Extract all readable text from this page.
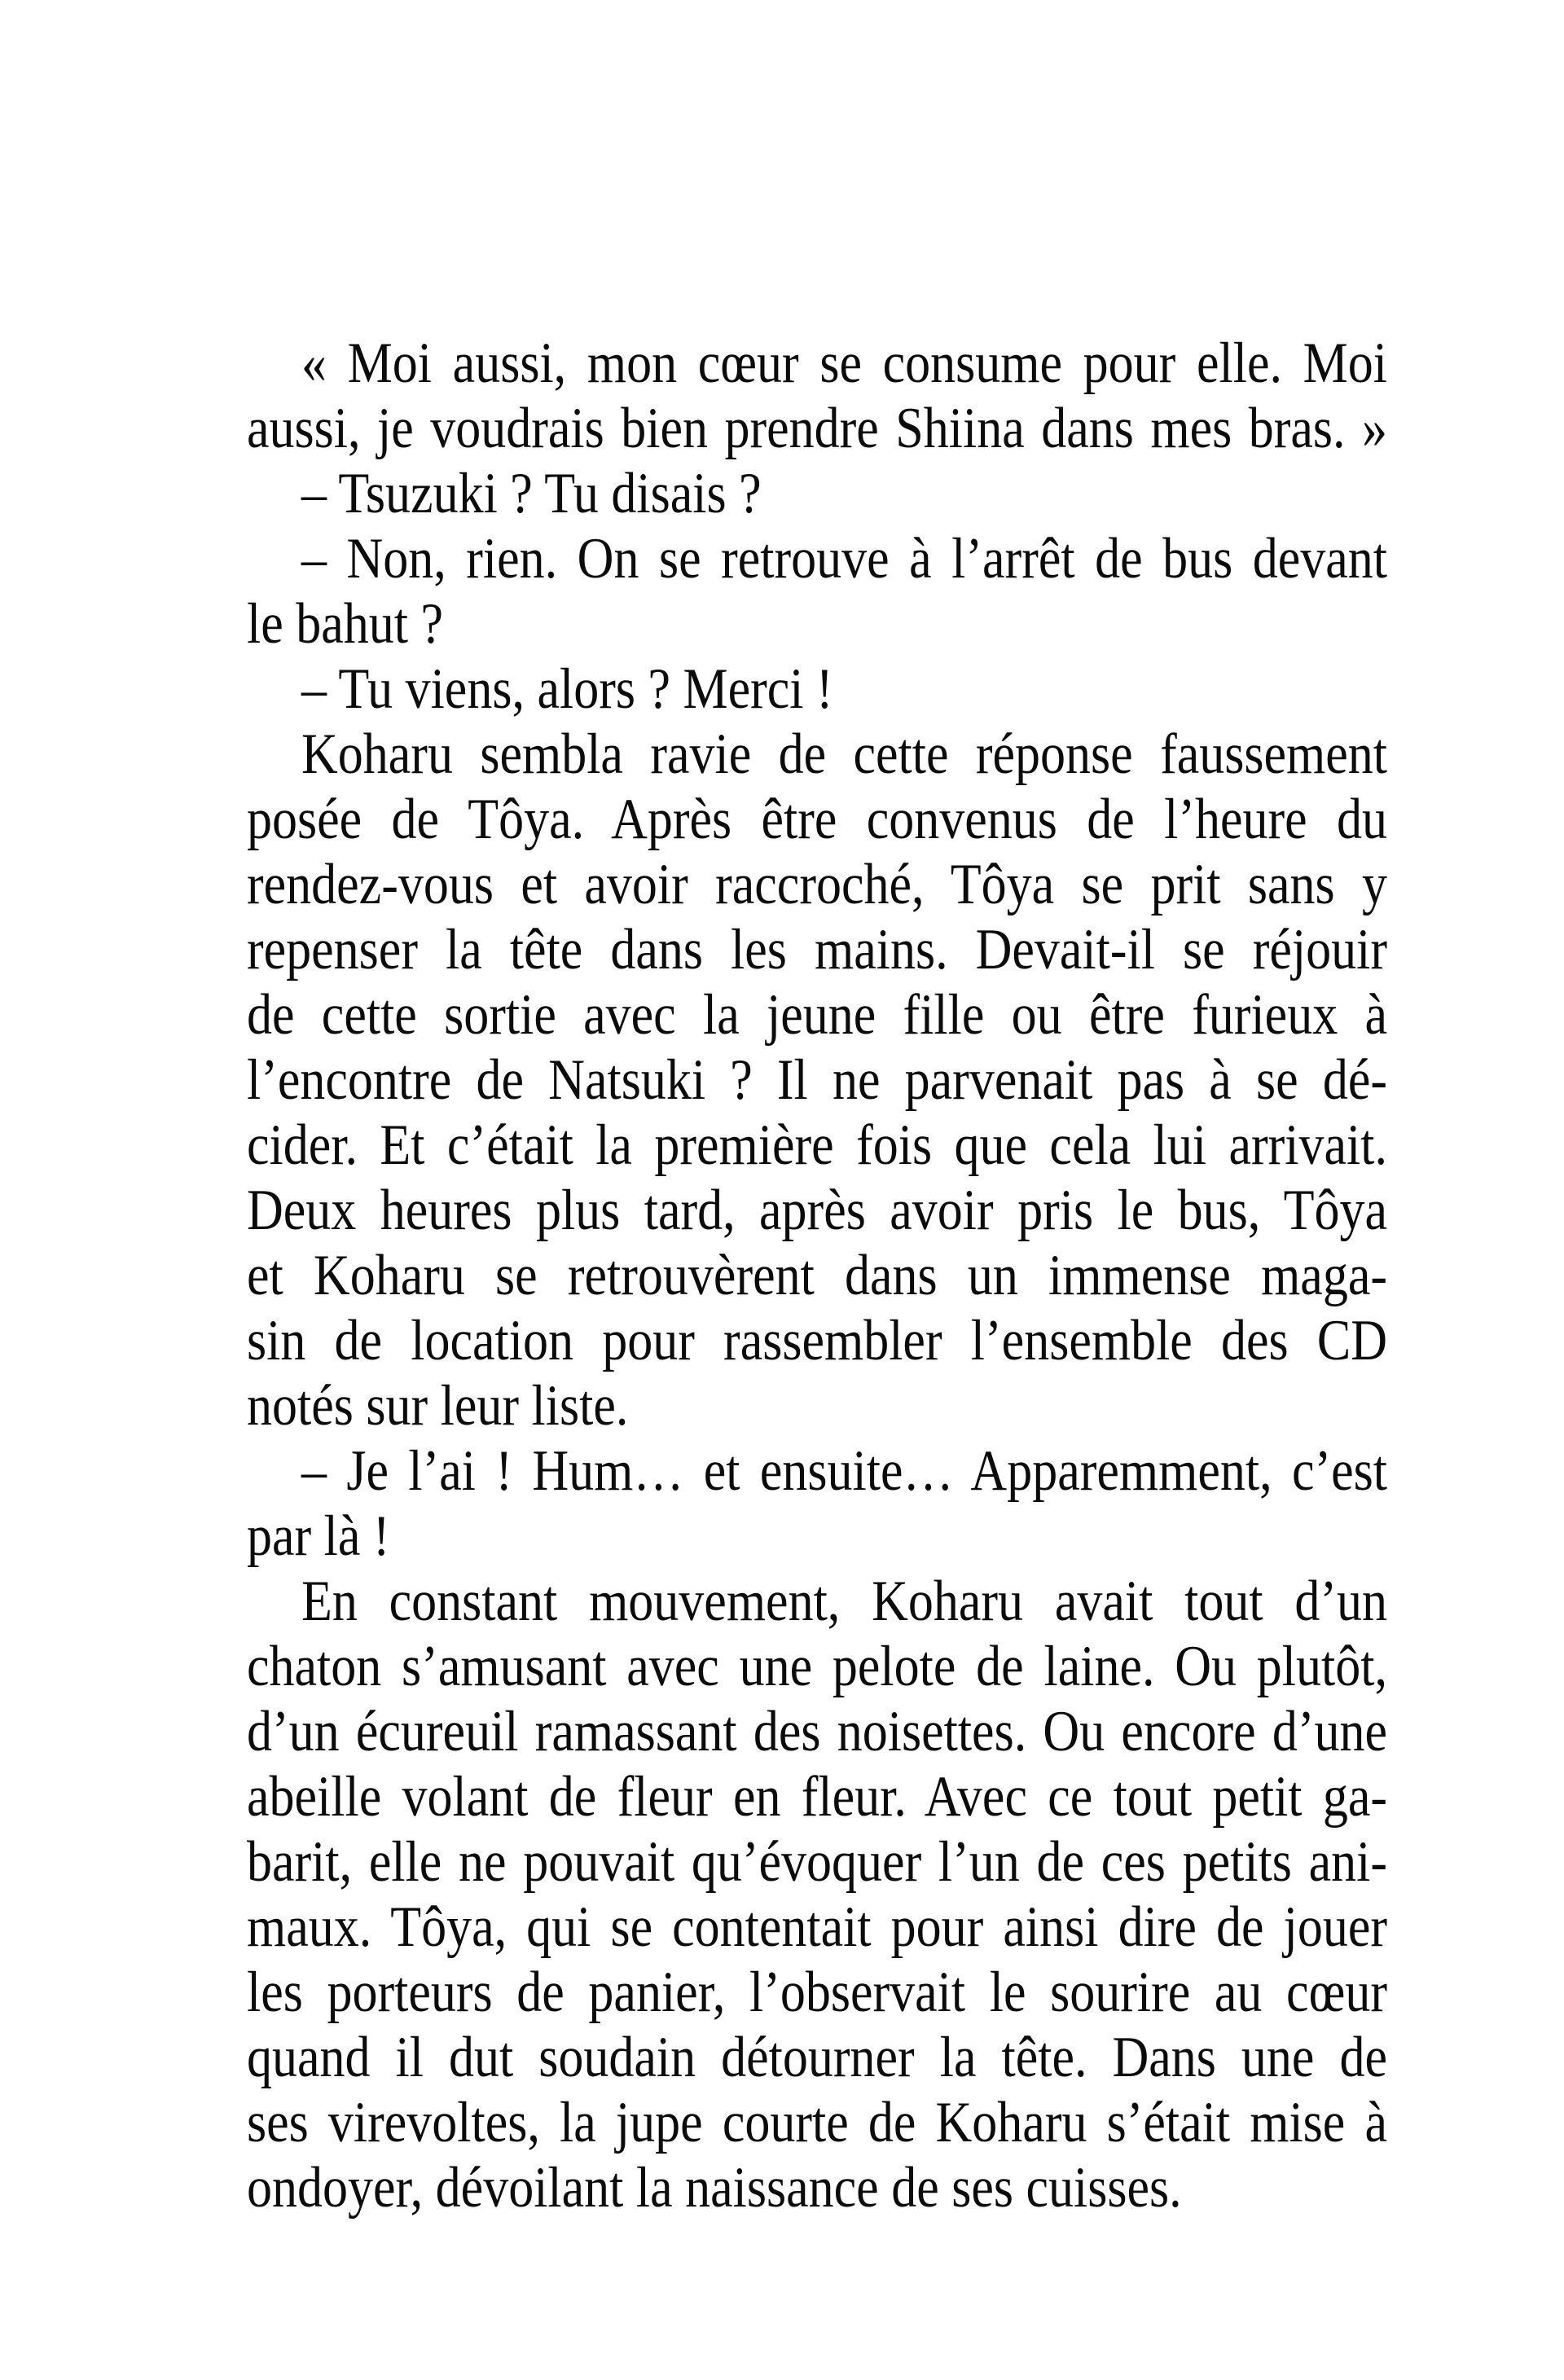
« Moi aussi, mon cœur se consume pour elle. Moi
aussi, je voudrais bien prendre Shiina dans mes bras. »
– Tsuzuki ? Tu disais ?
– Non, rien. On se retrouve à l’arrêt de bus devant
le bahut ?
– Tu viens, alors ? Merci !
Koharu sembla ravie de cette réponse faussement
posée de Tôya. Après être convenus de l’heure du
rendez-vous et avoir raccroché, Tôya se prit sans y
repenser la tête dans les mains. Devait-il se réjouir
de cette sortie avec la jeune fille ou être furieux à
l’encontre de Natsuki ? Il ne parvenait pas à se dé-
cider. Et c’était la première fois que cela lui arrivait.
Deux heures plus tard, après avoir pris le bus, Tôya
et Koharu se retrouvèrent dans un immense maga-
sin de location pour rassembler l’ensemble des CD
notés sur leur liste.
– Je l’ai ! Hum… et ensuite… Apparemment, c’est
par là !
En constant mouvement, Koharu avait tout d’un
chaton s’amusant avec une pelote de laine. Ou plutôt,
d’un écureuil ramassant des noisettes. Ou encore d’une
abeille volant de fleur en fleur. Avec ce tout petit ga-
barit, elle ne pouvait qu’évoquer l’un de ces petits ani-
maux. Tôya, qui se contentait pour ainsi dire de jouer
les porteurs de panier, l’observait le sourire au cœur
quand il dut soudain détourner la tête. Dans une de
ses virevoltes, la jupe courte de Koharu s’était mise à
ondoyer, dévoilant la naissance de ses cuisses.
